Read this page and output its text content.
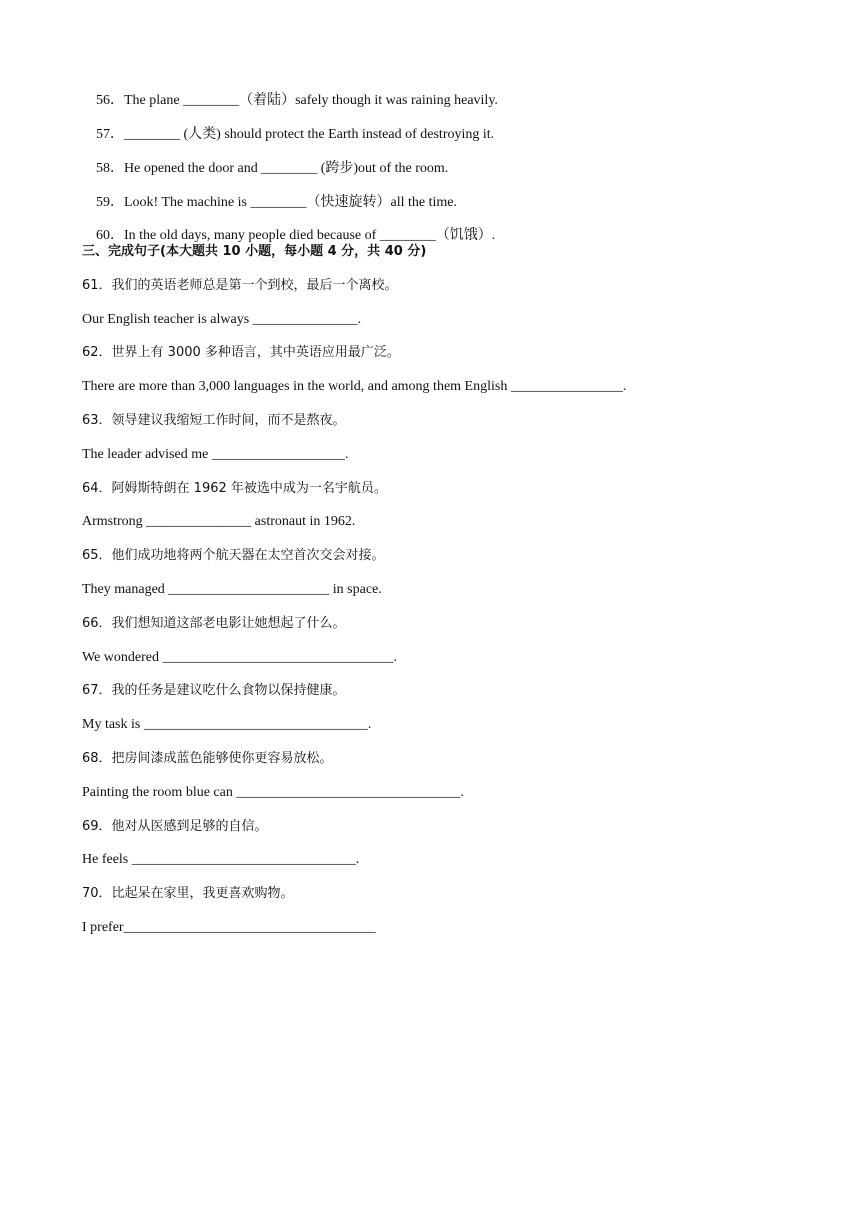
56．The plane ________（着陆）safely though it was raining heavily.

57．________ (人类) should protect the Earth instead of destroying it.

58．He opened the door and ________ (跨步)out of the room.

59．Look! The machine is ________（快速旋转）all the time.

60．In the old days, many people died because of ________（饥饿）.

三、完成句子(本大题共 10 小题，每小题 4 分，共 40 分)
61．我们的英语老师总是第一个到校，最后一个离校。
Our English teacher is always _______________.
62．世界上有 3000 多种语言，其中英语应用最广泛。
There are more than 3,000 languages in the world, and among them English ________________.
63．领导建议我缩短工作时间，而不是熬夜。
The leader advised me ___________________.
64．阿姆斯特朗在 1962 年被选中成为一名宇航员。
Armstrong _______________ astronaut in 1962.
65．他们成功地将两个航天器在太空首次交会对接。
They managed _______________________ in space.
66．我们想知道这部老电影让她想起了什么。
We wondered _________________________________.
67．我的任务是建议吃什么食物以保持健康。
My task is ________________________________.
68．把房间漆成蓝色能够使你更容易放松。
Painting the room blue can ________________________________.
69．他对从医感到足够的自信。
He feels ________________________________.
70．比起呆在家里，我更喜欢购物。
I prefer____________________________________
